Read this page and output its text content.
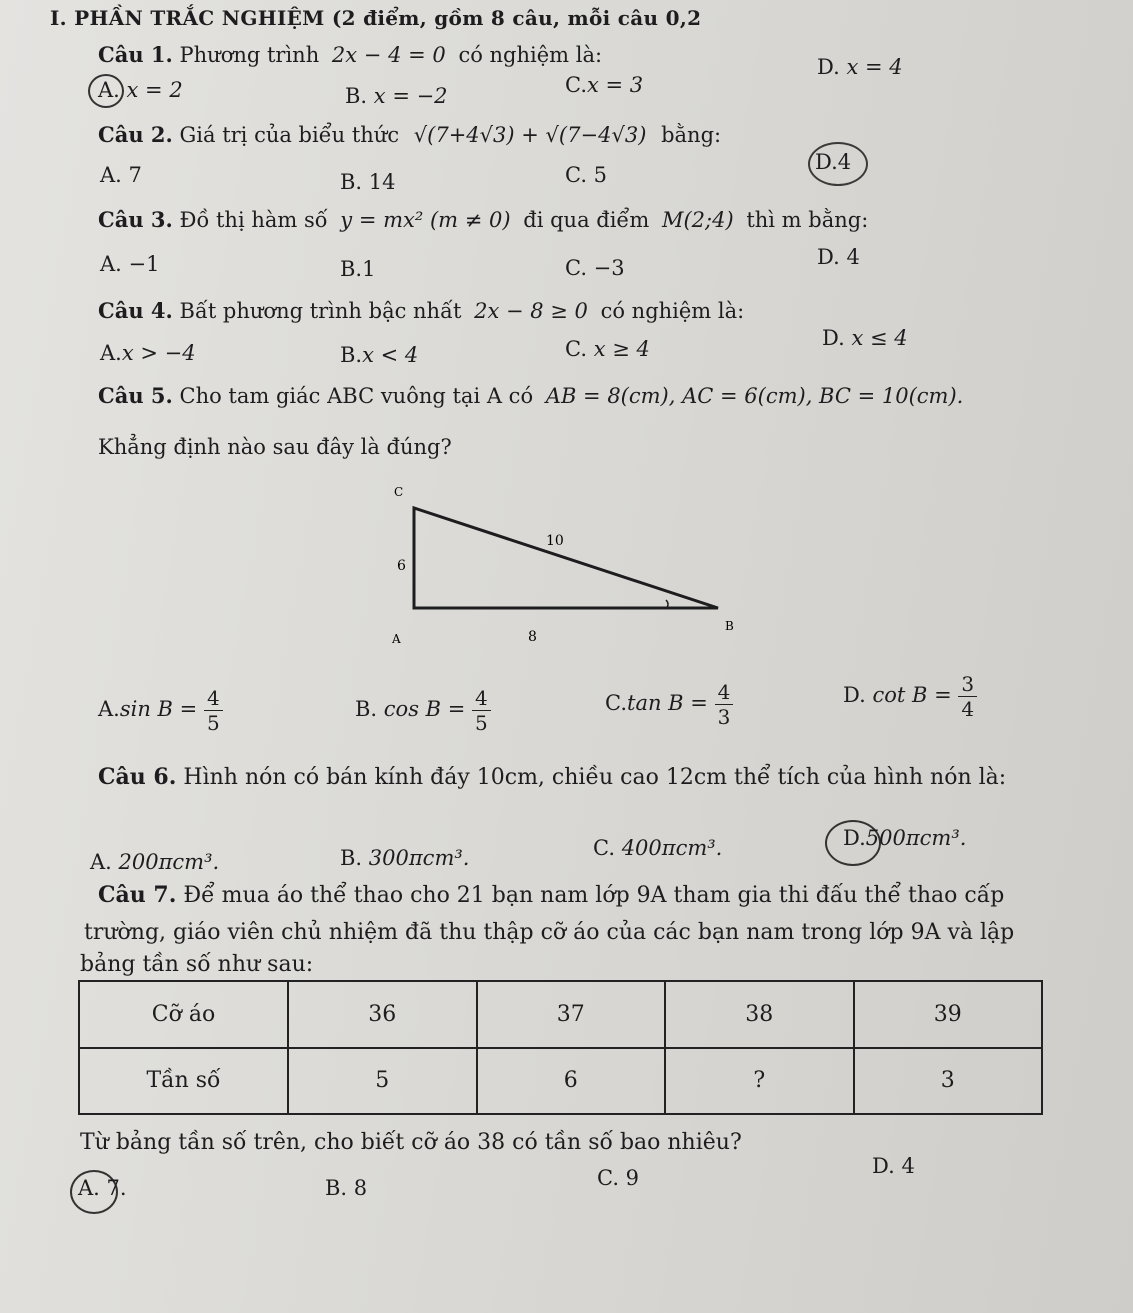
I. PHẦN TRẮC NGHIỆM (2 điểm, gồm 8 câu, mỗi câu 0,2
Câu 1. Phương trình 2x − 4 = 0 có nghiệm là:
A. x = 2	B. x = −2	C.x = 3
D. x = 4
Câu 2. Giá trị của biểu thức √(7+4√3) + √(7−4√3) bằng:
A. 7	B. 14	C. 5
D.4
Câu 3. Đồ thị hàm số y = mx² (m ≠ 0) đi qua điểm M(2;4) thì m bằng:
A. −1	B.1	C. −3	D. 4
Câu 4. Bất phương trình bậc nhất 2x − 8 ≥ 0 có nghiệm là:
A.x > −4	B.x < 4	C. x ≥ 4	D. x ≤ 4
Câu 5. Cho tam giác ABC vuông tại A có AB = 8(cm), AC = 6(cm), BC = 10(cm).
Khẳng định nào sau đây là đúng?
C
A
B
6
8
10
A.sin $B = \frac{4}{5}$	B. $\cos B = \frac{4}{5}$	C.tan $B = \frac{4}{3}$	D. $\cot B = \frac{3}{4}$
Câu 6. Hình nón có bán kính đáy 10cm, chiều cao 12cm thể tích của hình nón là:
A. 200πcm³.	B. 300πcm³.	C. 400πcm³.	D.500πcm³.
Câu 7. Để mua áo thể thao cho 21 bạn nam lớp 9A tham gia thi đấu thể thao cấp
trường, giáo viên chủ nhiệm đã thu thập cỡ áo của các bạn nam trong lớp 9A và lập
bảng tần số như sau:
Cỡ áo	36	37	38	39
Tần số	5	6	?	3
Từ bảng tần số trên, cho biết cỡ áo 38 có tần số bao nhiêu?
A. 7.	B. 8	C. 9	D. 4
